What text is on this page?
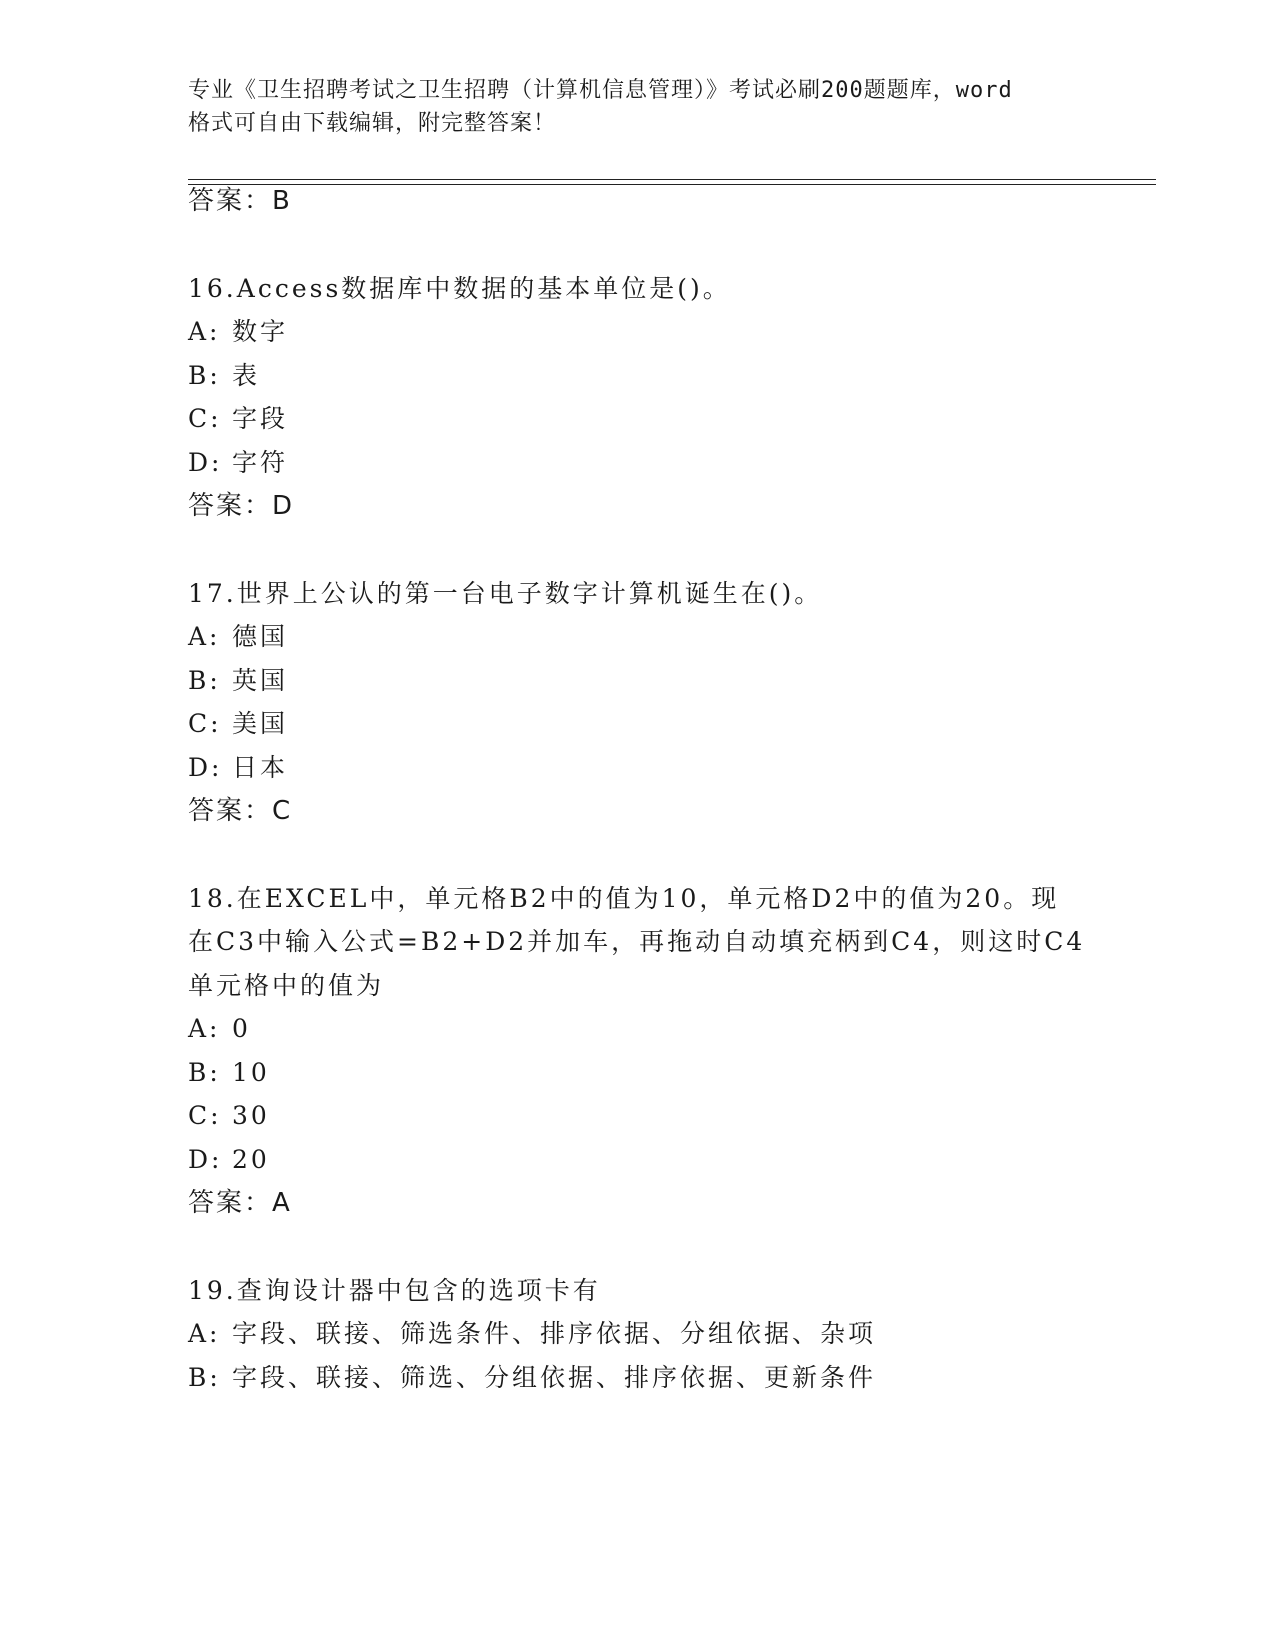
专业《卫生招聘考试之卫生招聘（计算机信息管理）》考试必刷200题题库，word
格式可自由下载编辑，附完整答案！
答案：B
16.Access数据库中数据的基本单位是()。
A: 数字
B: 表
C: 字段
D: 字符
答案：D
17.世界上公认的第一台电子数字计算机诞生在()。
A: 德国
B: 英国
C: 美国
D: 日本
答案：C
18.在EXCEL中，单元格B2中的值为10，单元格D2中的值为20。现
在C3中输入公式=B2+D2并加车，再拖动自动填充柄到C4，则这时C4
单元格中的值为
A: 0
B: 10
C: 30
D: 20
答案：A
19.查询设计器中包含的选项卡有
A: 字段、联接、筛选条件、排序依据、分组依据、杂项
B: 字段、联接、筛选、分组依据、排序依据、更新条件
